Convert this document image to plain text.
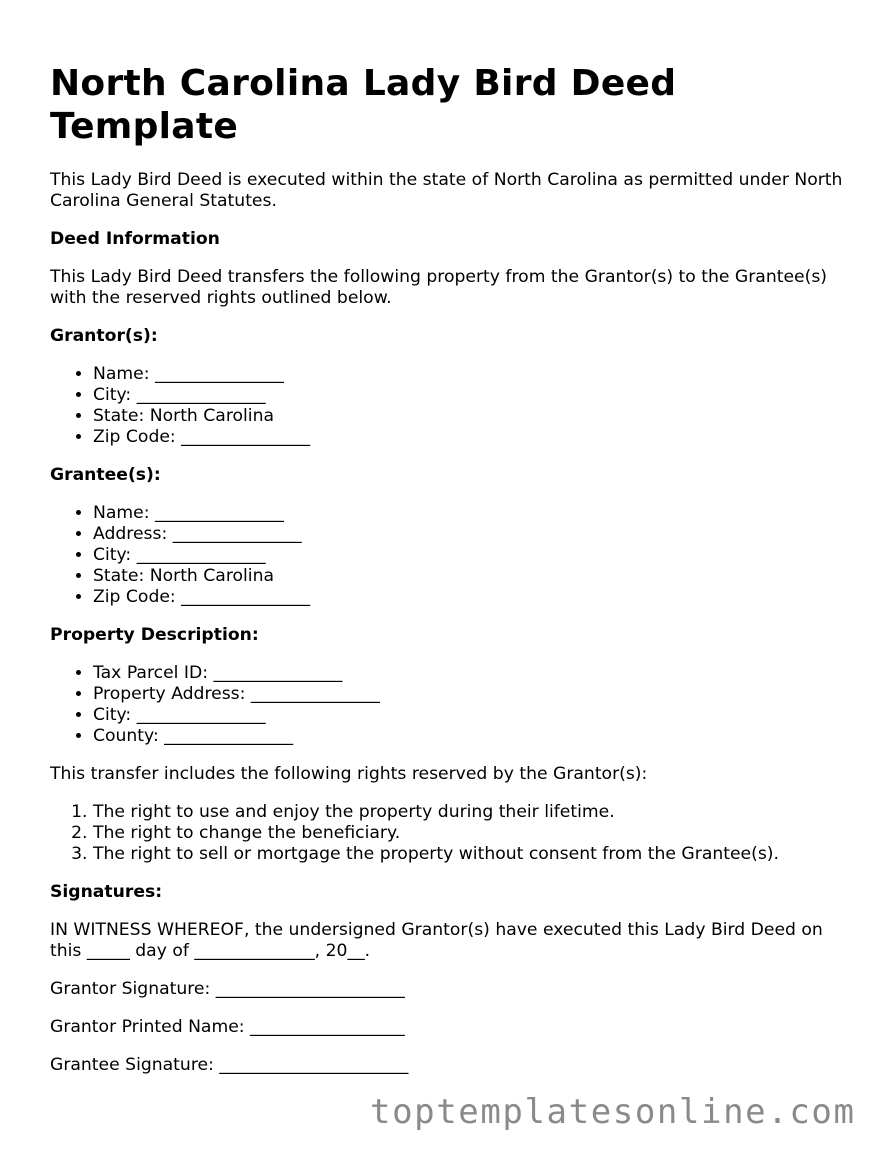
North Carolina Lady Bird Deed Template

This Lady Bird Deed is executed within the state of North Carolina as permitted under North Carolina General Statutes.

Deed Information

This Lady Bird Deed transfers the following property from the Grantor(s) to the Grantee(s) with the reserved rights outlined below.

Grantor(s):
• Name: _______________
• City: _______________
• State: North Carolina
• Zip Code: _______________
Grantee(s):
• Name: _______________
• Address: _______________
• City: _______________
• State: North Carolina
• Zip Code: _______________
Property Description:
• Tax Parcel ID: _______________
• Property Address: _______________
• City: _______________
• County: _______________

This transfer includes the following rights reserved by the Grantor(s):

1. The right to use and enjoy the property during their lifetime.
2. The right to change the beneficiary.
3. The right to sell or mortgage the property without consent from the Grantee(s).
Signatures:

IN WITNESS WHEREOF, the undersigned Grantor(s) have executed this Lady Bird Deed on this _____ day of ______________, 20__.

Grantor Signature: ______________________

Grantor Printed Name: __________________

Grantee Signature: ______________________

toptemplatesonline.com
